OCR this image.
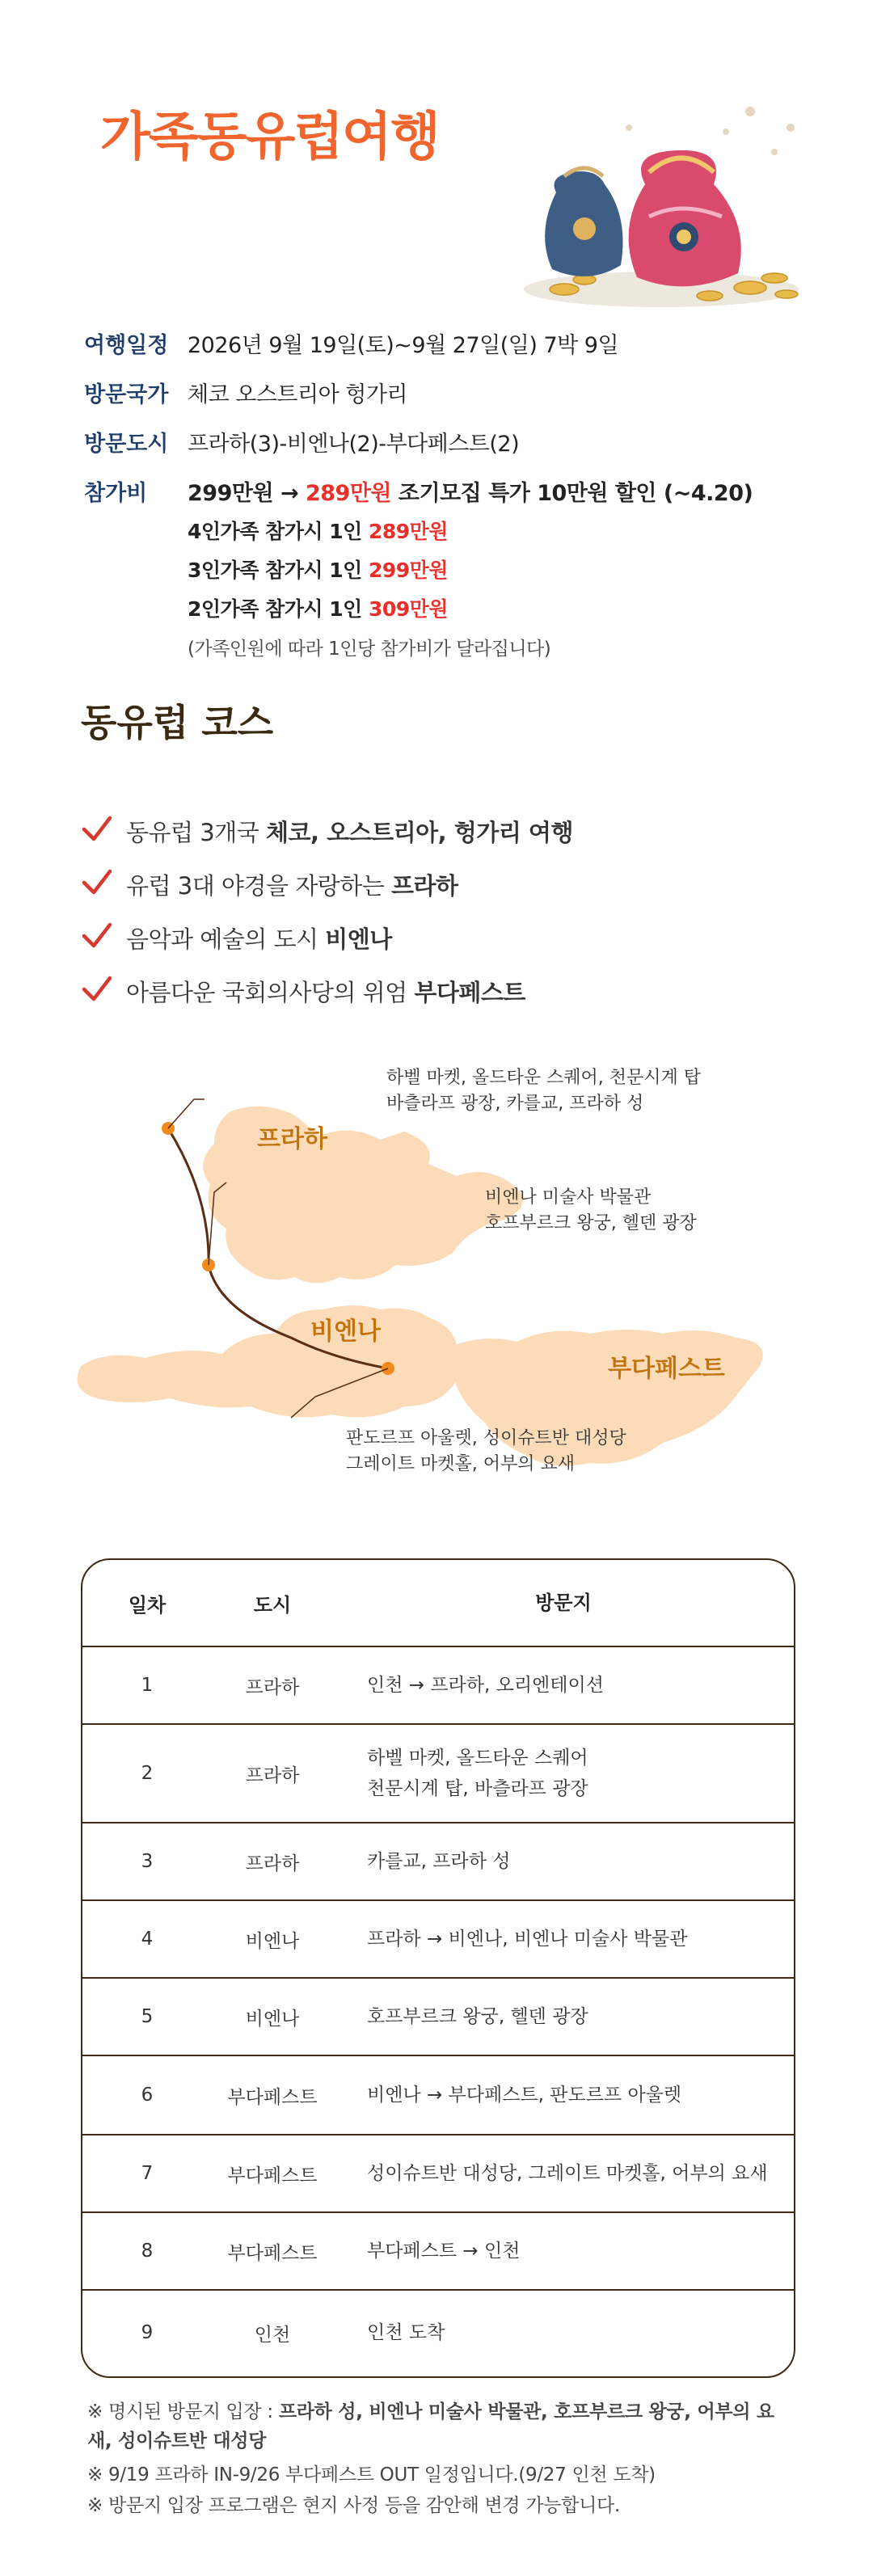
가족동유럽여행
여행일정 2026년 9월 19일(토)~9월 27일(일) 7박 9일
방문국가 체코 오스트리아 헝가리
방문도시 프라하(3)-비엔나(2)-부다페스트(2)
참가비 299만원 → 289만원 조기모집 특가 10만원 할인 (~4.20)
4인가족 참가시 1인 289만원
3인가족 참가시 1인 299만원
2인가족 참가시 1인 309만원
(가족인원에 따라 1인당 참가비가 달라집니다)
동유럽 코스
동유럽 3개국 체코, 오스트리아, 헝가리 여행
유럽 3대 야경을 자랑하는 프라하
음악과 예술의 도시 비엔나
아름다운 국회의사당의 위엄 부다페스트
프라하
하벨 마켓, 올드타운 스퀘어, 천문시계 탑
바츨라프 광장, 카를교, 프라하 성
비엔나
비엔나 미술사 박물관
호프부르크 왕궁, 헬덴 광장
부다페스트
판도르프 아울렛, 성이슈트반 대성당
그레이트 마켓홀, 어부의 요새
일차	도시	방문지
1	프라하	인천 → 프라하, 오리엔테이션
2	프라하
하벨 마켓, 올드타운 스퀘어
천문시계 탑, 바츨라프 광장
3	프라하	카를교, 프라하 성
4	비엔나	프라하 → 비엔나, 비엔나 미술사 박물관
5	비엔나	호프부르크 왕궁, 헬덴 광장
6	부다페스트	비엔나 → 부다페스트, 판도르프 아울렛
7	부다페스트	성이슈트반 대성당, 그레이트 마켓홀, 어부의 요새
8	부다페스트	부다페스트 → 인천
9	인천	인천 도착
※ 명시된 방문지 입장 : 프라하 성, 비엔나 미술사 박물관, 호프부르크 왕궁, 어부의 요새, 성이슈트반 대성당
※ 9/19 프라하 IN-9/26 부다페스트 OUT 일정입니다.(9/27 인천 도착)
※ 방문지 입장 프로그램은 현지 사정 등을 감안해 변경 가능합니다.
